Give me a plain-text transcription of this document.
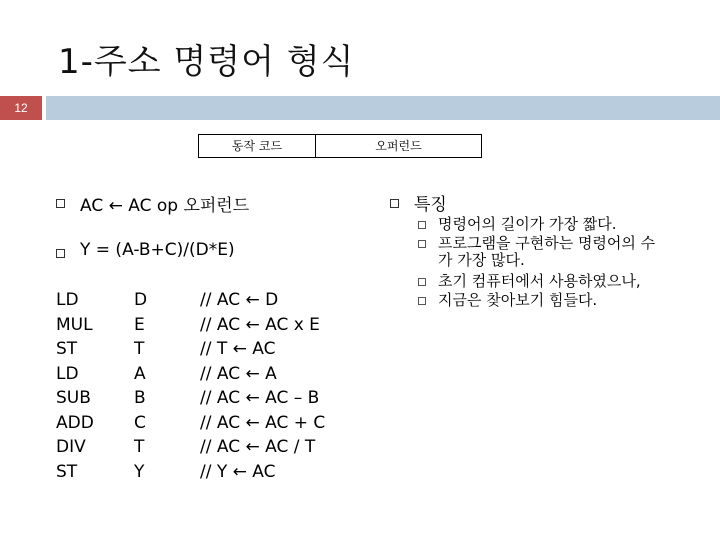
1-주소 명령어 형식
12
동작 코드	오퍼런드
AC ← AC op 오퍼런드
Y = (A-B+C)/(D*E)
LD
MUL
ST
LD
SUB
ADD
DIV
ST
D
E
T
A
B
C
T
Y
// AC ← D
// AC ← AC x E
// T ← AC
// AC ← A
// AC ← AC – B
// AC ← AC + C
// AC ← AC / T
// Y ← AC
특징
명령어의 길이가 가장 짧다.
프로그램을 구현하는 명령어의 수
가 가장 많다.
초기 컴퓨터에서 사용하였으나,
지금은 찾아보기 힘들다.
